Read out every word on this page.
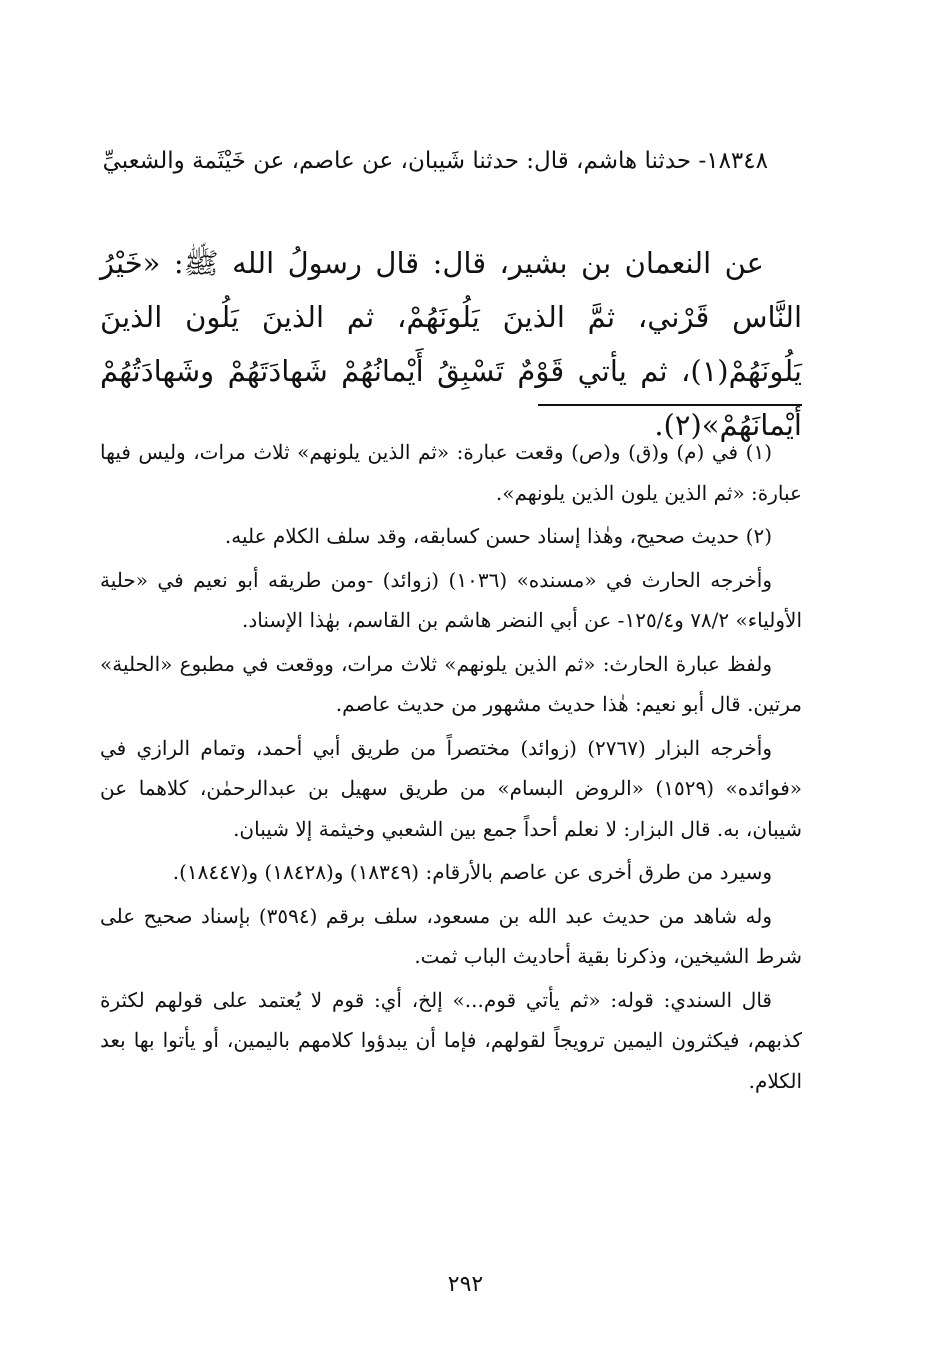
١٨٣٤٨- حدثنا هاشم، قال: حدثنا شَيبان، عن عاصم، عن خَيْثَمة والشعبيِّ

عن النعمان بن بشير، قال: قال رسولُ الله ﷺ: «خَيْرُ النَّاس قَرْني، ثمَّ الذينَ يَلُونَهُمْ، ثم الذينَ يَلُون الذينَ يَلُونَهُمْ(١)، ثم يأتي قَوْمٌ تَسْبِقُ أَيْمانُهُمْ شَهادَتَهُمْ وشَهادَتُهُمْ أيْمانَهُمْ»(٢).

(١) في (م) و(ق) و(ص) وقعت عبارة: «ثم الذين يلونهم» ثلاث مرات، وليس فيها عبارة: «ثم الذين يلون الذين يلونهم».

(٢) حديث صحيح، وهٰذا إسناد حسن كسابقه، وقد سلف الكلام عليه.

وأخرجه الحارث في «مسنده» (١٠٣٦) (زوائد) -ومن طريقه أبو نعيم في «حلية الأولياء» ٧٨/٢ و١٢٥/٤- عن أبي النضر هاشم بن القاسم، بهٰذا الإسناد.

ولفظ عبارة الحارث: «ثم الذين يلونهم» ثلاث مرات، ووقعت في مطبوع «الحلية» مرتين. قال أبو نعيم: هٰذا حديث مشهور من حديث عاصم.

وأخرجه البزار (٢٧٦٧) (زوائد) مختصراً من طريق أبي أحمد، وتمام الرازي في «فوائده» (١٥٢٩) «الروض البسام» من طريق سهيل بن عبدالرحمٰن، كلاهما عن شيبان، به. قال البزار: لا نعلم أحداً جمع بين الشعبي وخيثمة إلا شيبان.

وسيرد من طرق أخرى عن عاصم بالأرقام: (١٨٣٤٩) و(١٨٤٢٨) و(١٨٤٤٧).

وله شاهد من حديث عبد الله بن مسعود، سلف برقم (٣٥٩٤) بإسناد صحيح على شرط الشيخين، وذكرنا بقية أحاديث الباب ثمت.

قال السندي: قوله: «ثم يأتي قوم...» إلخ، أي: قوم لا يُعتمد على قولهم لكثرة كذبهم، فيكثرون اليمين ترويجاً لقولهم، فإما أن يبدؤوا كلامهم باليمين، أو يأتوا بها بعد الكلام.

٢٩٢
